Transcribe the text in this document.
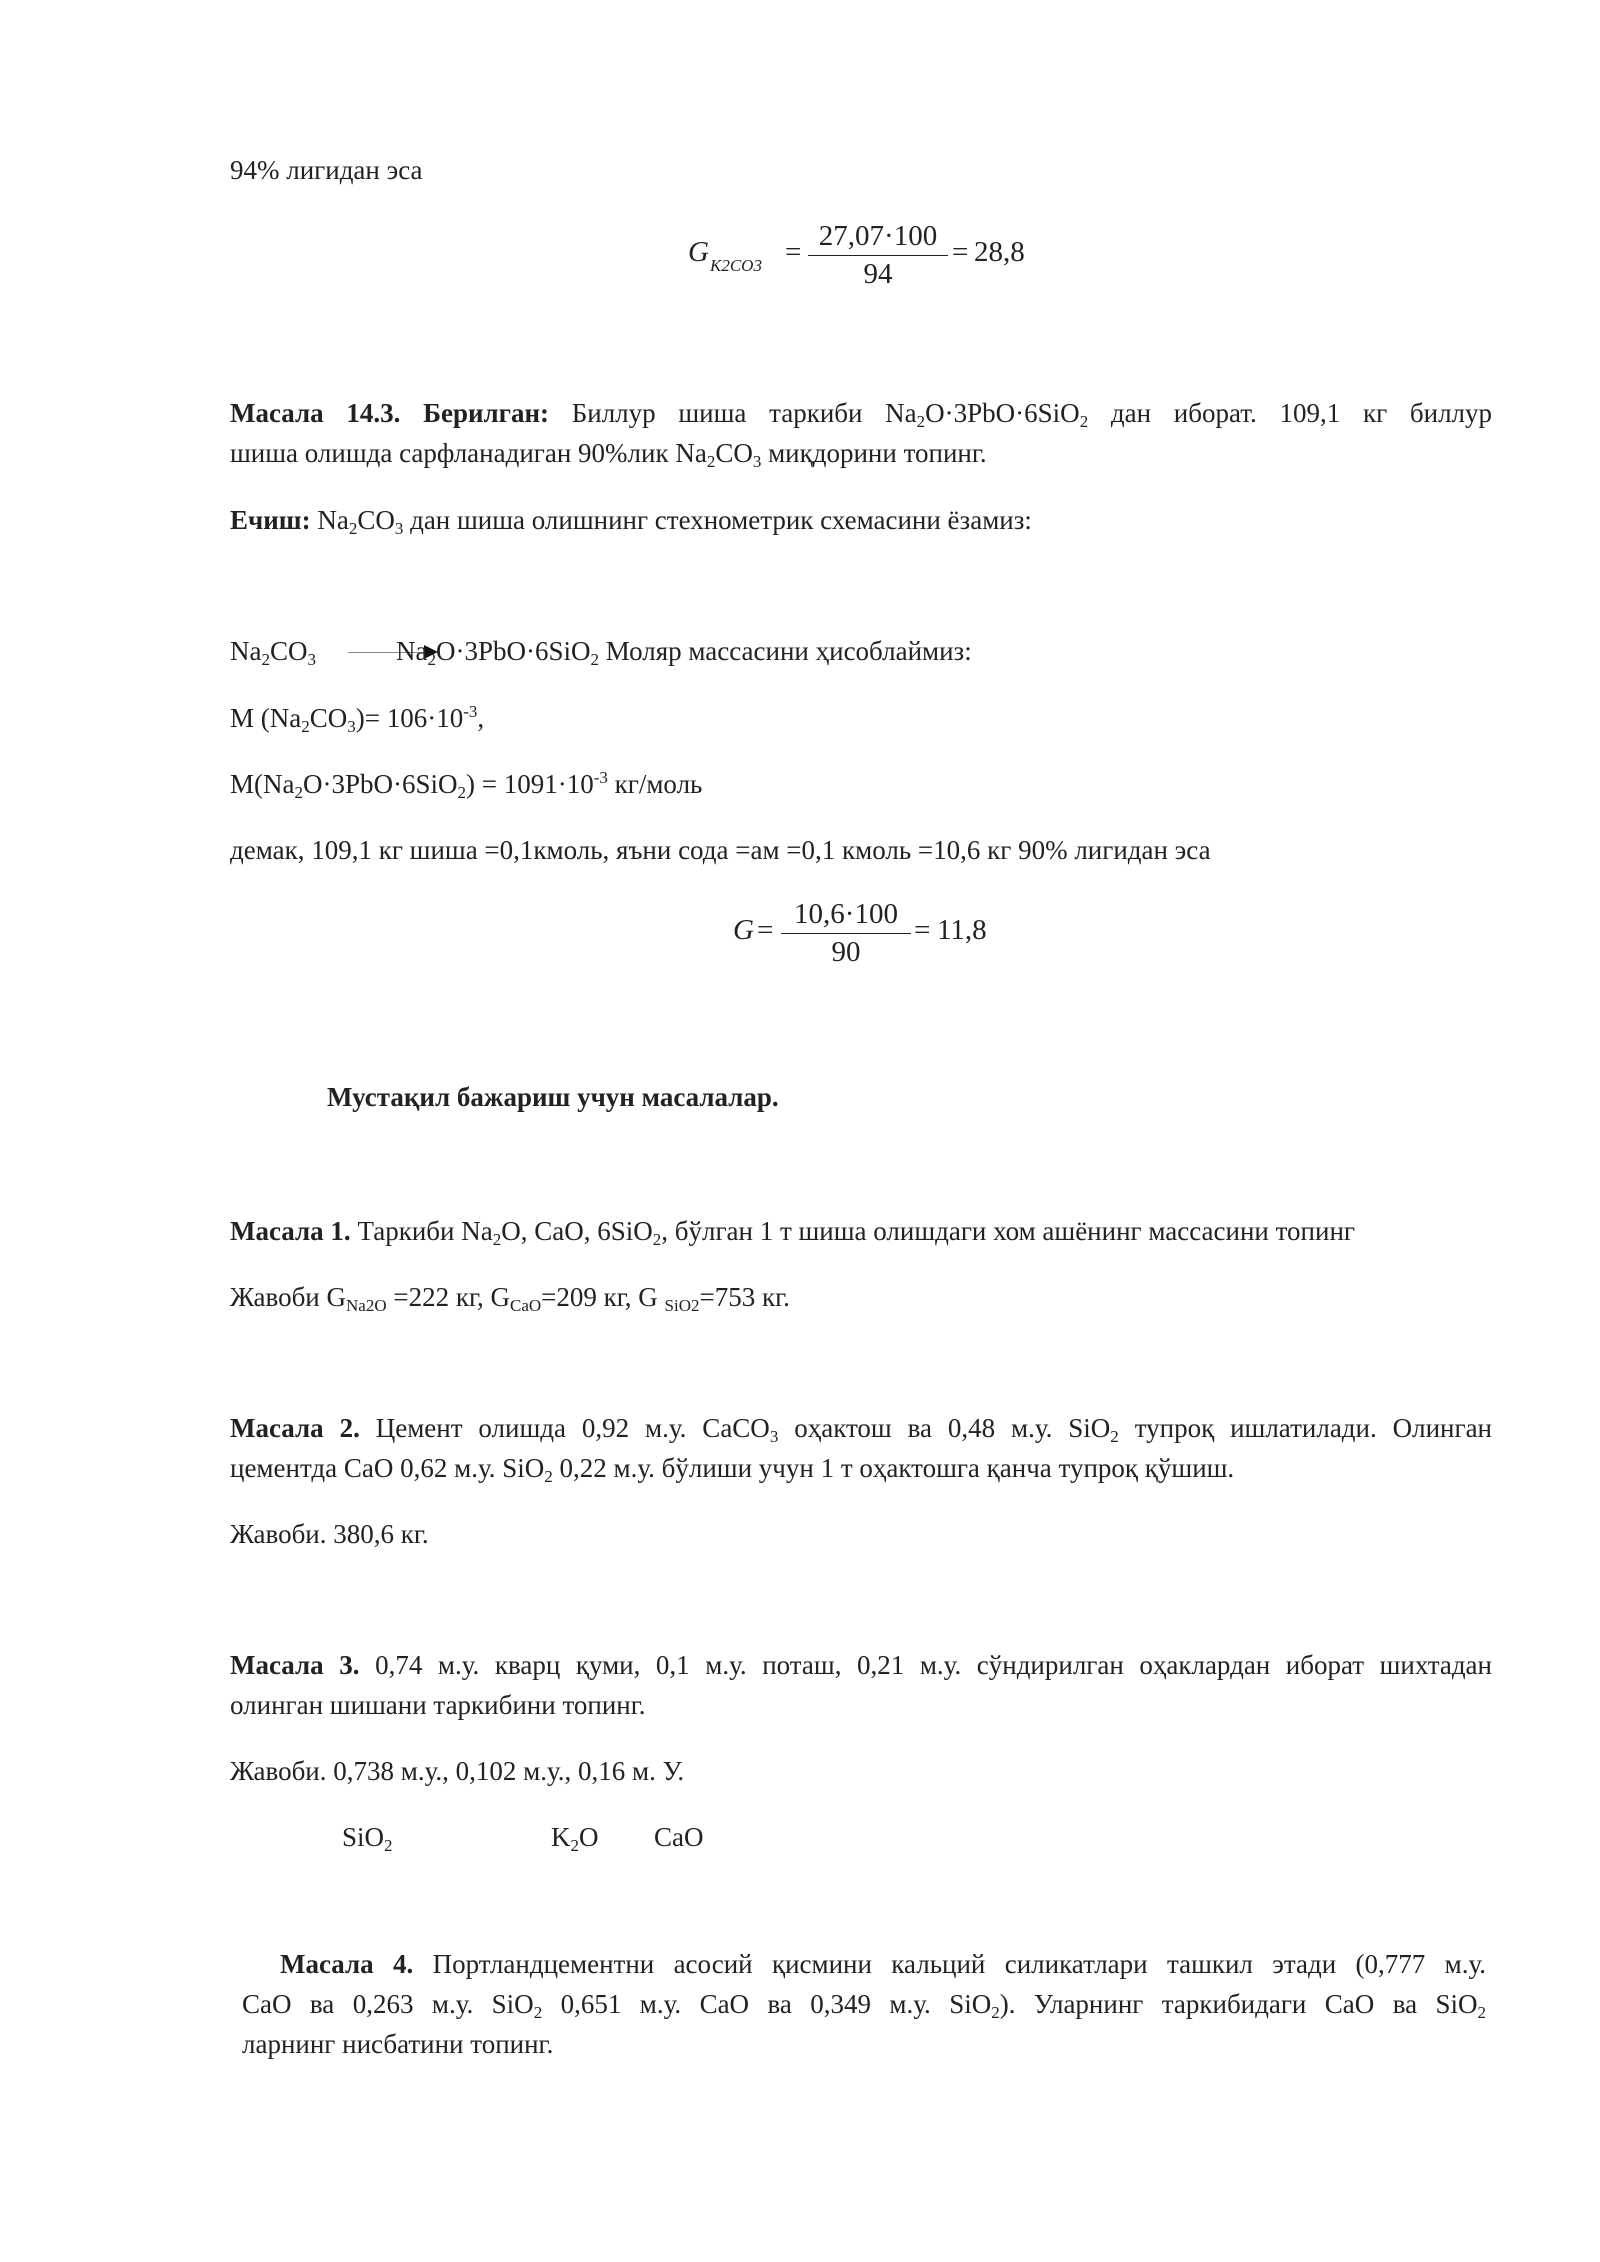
94% лигидан эса
G K2CO3 = 27,07·100
94
= 28,8
Масала 14.3. Берилган: Биллур шиша таркиби $Na_2O\cdot 3PbO\cdot 6SiO_2$ дан иборат. 109,1 кг биллур
шиша олишда сарфланадиган 90%лик $Na_2CO_3$ миқдорини топинг.
Ечиш: $Na_2CO_3$ дан шиша олишнинг стехнометрик схемасини ёзамиз:
$Na_2CO_3$	$Na_2O\cdot 3PbO\cdot 6SiO_2$ Моляр массасини ҳисоблаймиз:
M $(Na_2CO_3)= 106\cdot 10^{-3}$,
$M(Na_2O\cdot 3PbO\cdot 6SiO_2) = 1091\cdot 10^{-3}$ кг/моль
демак, 109,1 кг шиша =0,1кмоль, яъни сода =ам =0,1 кмоль =10,6 кг 90% лигидан эса
G = 10,6·100
90
= 11,8
Мустақил бажариш учун масалалар.
Масала 1. Таркиби $Na_2O$, CaO, 6SiO$_2$, бўлган 1 т шиша олишдаги хом ашёнинг массасини топинг
Жавоби $G_{Na2O} =222$ кг, $G_{CaO}=209$ кг, G $_{SiO2}$=753 кг.
Масала 2. Цемент олишда 0,92 м.у. CaCO$_3$ оҳактош ва 0,48 м.у. SiO$_2$ тупроқ ишлатилади. Олинган
цементда CaO 0,62 м.у. SiO$_2$ 0,22 м.у. бўлиши учун 1 т оҳактошга қанча тупроқ қўшиш.
Жавоби. 380,6 кг.
Масала 3. 0,74 м.у. кварц қуми, 0,1 м.у. поташ, 0,21 м.у. сўндирилган оҳаклардан иборат шихтадан
олинган шишани таркибини топинг.
Жавоби. 0,738 м.у., 0,102 м.у., 0,16 м. У.
SiO$_2$	$K_2O$ CaO
Масала 4. Портландцементни асосий қисмини кальций силикатлари ташкил этади (0,777 м.у.
CaO ва 0,263 м.у. SiO$_2$ 0,651 м.у. CaO ва 0,349 м.у. SiO$_2$). Уларнинг таркибидаги CaO ва SiO$_2$
ларнинг нисбатини топинг.
